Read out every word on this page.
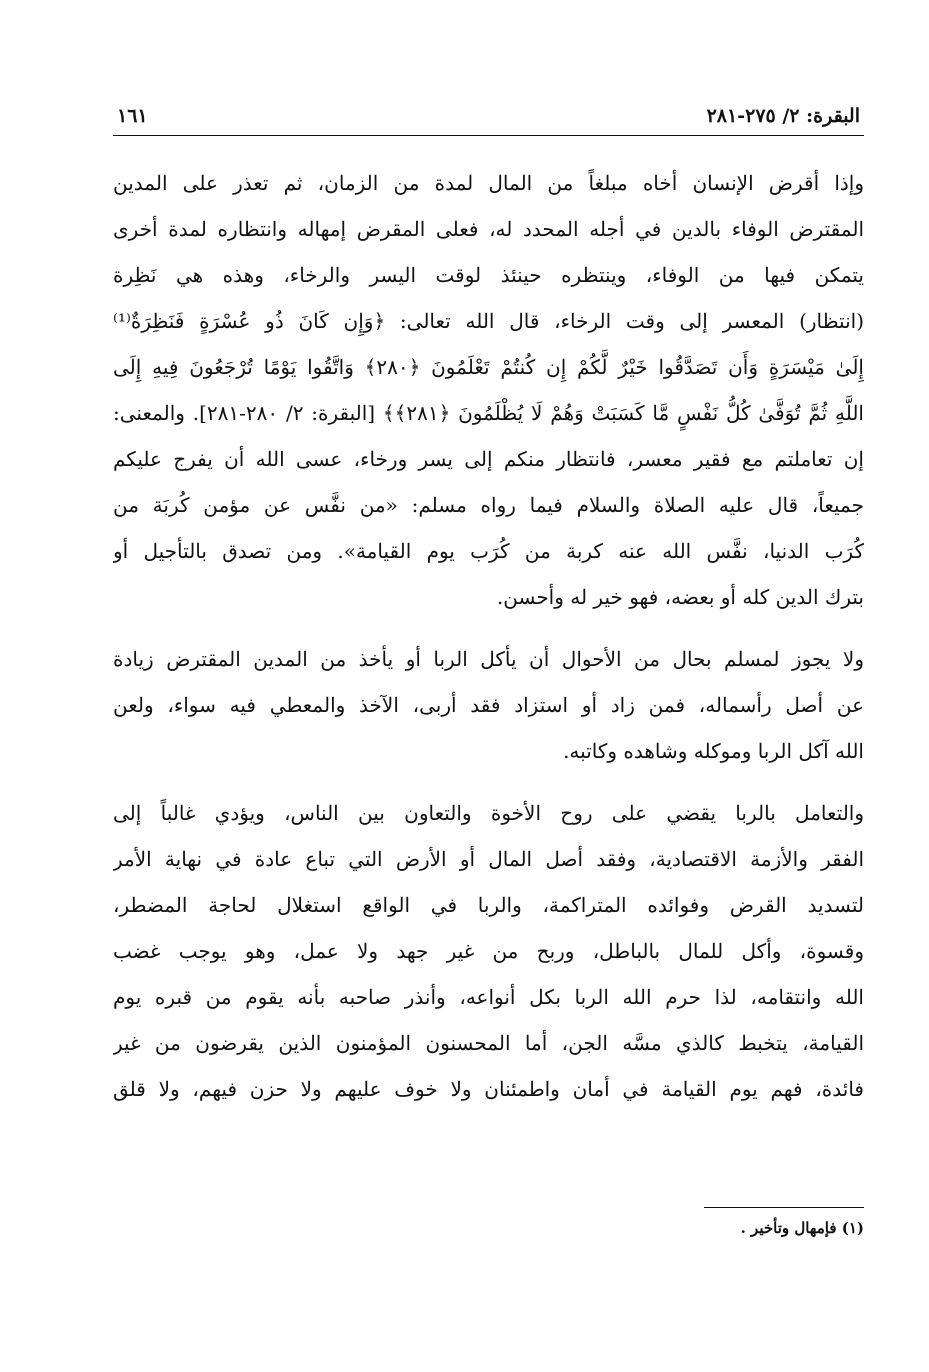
البقرة: ٢/ ٢٧٥-٢٨١
١٦١
وإذا أقرض الإنسان أخاه مبلغاً من المال لمدة من الزمان، ثم تعذر على المدين
المقترض الوفاء بالدين في أجله المحدد له، فعلى المقرض إمهاله وانتظاره لمدة أخرى
يتمكن فيها من الوفاء، وينتظره حينئذ لوقت اليسر والرخاء، وهذه هي نَظِرة
(انتظار) المعسر إلى وقت الرخاء، قال الله تعالى: ﴿وَإِن كَانَ ذُو عُسْرَةٍ فَنَظِرَةٌ⁽¹⁾
إِلَىٰ مَيْسَرَةٍ وَأَن تَصَدَّقُوا خَيْرٌ لَّكُمْ إِن كُنتُمْ تَعْلَمُونَ ﴿٢٨٠﴾ وَاتَّقُوا يَوْمًا تُرْجَعُونَ فِيهِ إِلَى
اللَّهِ ثُمَّ تُوَفَّىٰ كُلُّ نَفْسٍ مَّا كَسَبَتْ وَهُمْ لَا يُظْلَمُونَ ﴿٢٨١﴾﴾ [البقرة: ٢/ ٢٨٠-٢٨١]. والمعنى:
إن تعاملتم مع فقير معسر، فانتظار منكم إلى يسر ورخاء، عسى الله أن يفرج عليكم
جميعاً، قال عليه الصلاة والسلام فيما رواه مسلم: «من نفَّس عن مؤمن كُربَة من
كُرَب الدنيا، نفَّس الله عنه كربة من كُرَب يوم القيامة». ومن تصدق بالتأجيل أو
بترك الدين كله أو بعضه، فهو خير له وأحسن.
ولا يجوز لمسلم بحال من الأحوال أن يأكل الربا أو يأخذ من المدين المقترض زيادة
عن أصل رأسماله، فمن زاد أو استزاد فقد أربى، الآخذ والمعطي فيه سواء، ولعن
الله آكل الربا وموكله وشاهده وكاتبه.
والتعامل بالربا يقضي على روح الأخوة والتعاون بين الناس، ويؤدي غالباً إلى
الفقر والأزمة الاقتصادية، وفقد أصل المال أو الأرض التي تباع عادة في نهاية الأمر
لتسديد القرض وفوائده المتراكمة، والربا في الواقع استغلال لحاجة المضطر،
وقسوة، وأكل للمال بالباطل، وربح من غير جهد ولا عمل، وهو يوجب غضب
الله وانتقامه، لذا حرم الله الربا بكل أنواعه، وأنذر صاحبه بأنه يقوم من قبره يوم
القيامة، يتخبط كالذي مسَّه الجن، أما المحسنون المؤمنون الذين يقرضون من غير
فائدة، فهم يوم القيامة في أمان واطمئنان ولا خوف عليهم ولا حزن فيهم، ولا قلق
(١) فإمهال وتأخير .
